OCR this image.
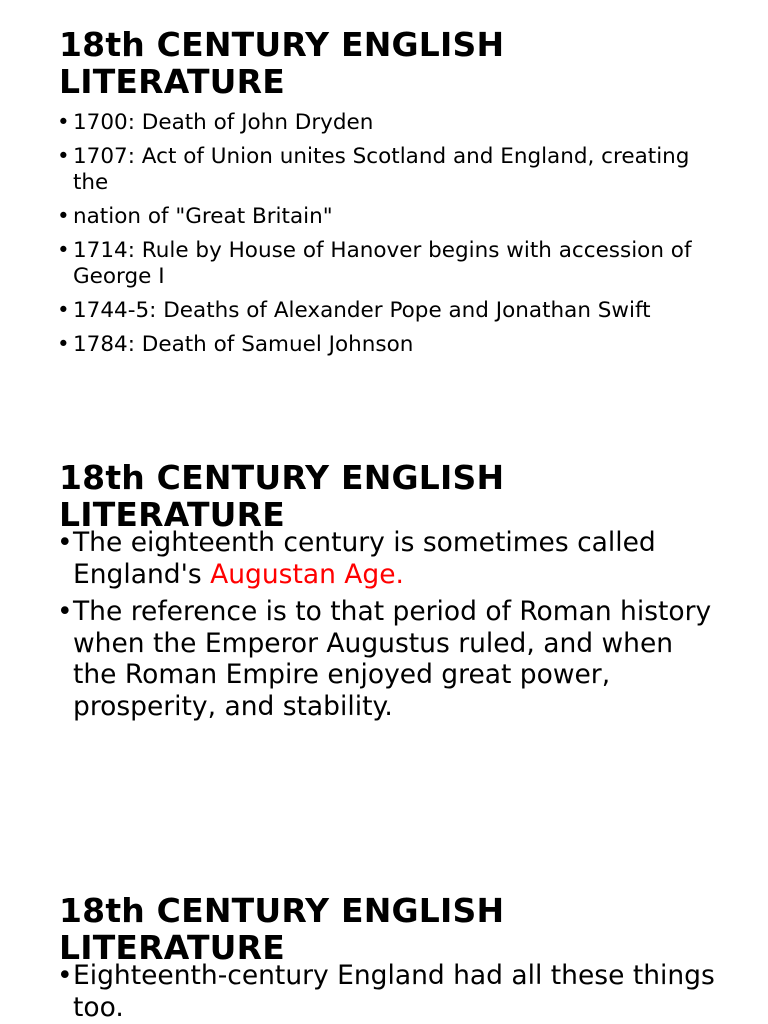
18th CENTURY ENGLISH LITERATURE
• 1700: Death of John Dryden
• 1707: Act of Union unites Scotland and England, creating the
• nation of "Great Britain"
• 1714: Rule by House of Hanover begins with accession of George I
• 1744-5: Deaths of Alexander Pope and Jonathan Swift
• 1784: Death of Samuel Johnson
18th CENTURY ENGLISH LITERATURE
• The eighteenth century is sometimes called England's Augustan Age.
• The reference is to that period of Roman history when the Emperor Augustus ruled, and when the Roman Empire enjoyed great power, prosperity, and stability.
18th CENTURY ENGLISH LITERATURE
• Eighteenth-century England had all these things too.
